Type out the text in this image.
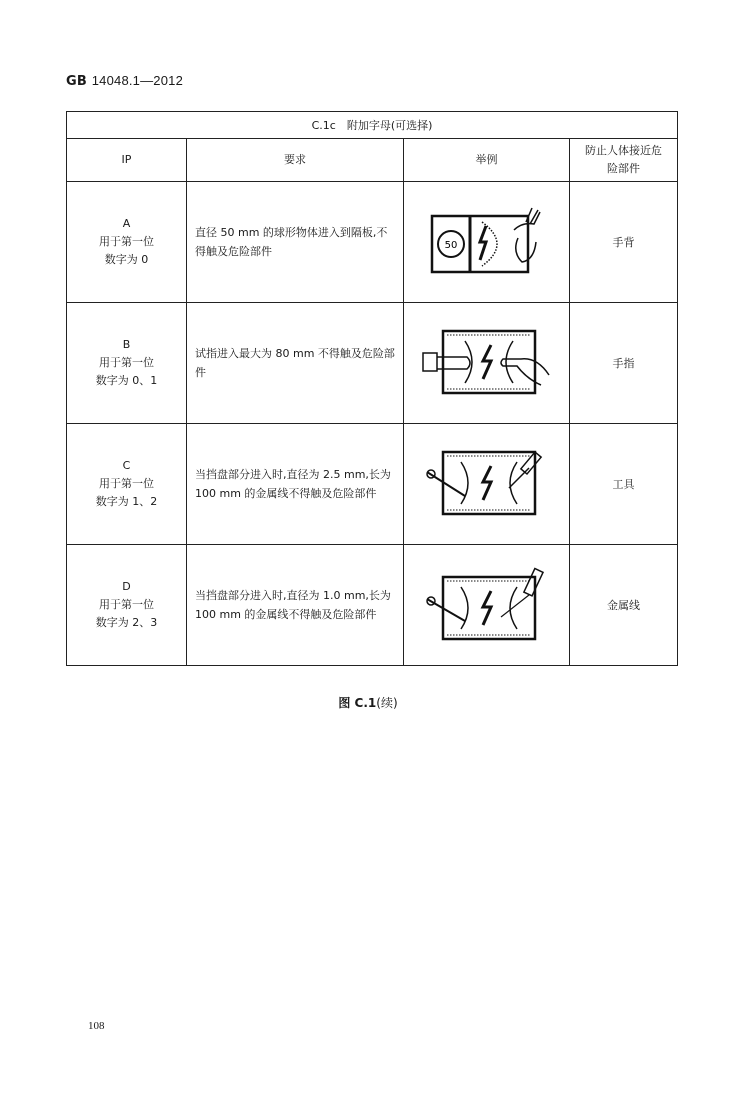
GB 14048.1—2012
C.1c　附加字母(可选择)			
IP	要求	举例	防止人体接近危险部件

A
用于第一位
数字为 0	直径 50 mm 的球形物体进入到隔板,不得触及危险部件	50	手背

B
用于第一位
数字为 0、1	试指进入最大为 80 mm 不得触及危险部件		手指

C
用于第一位
数字为 1、2	当挡盘部分进入时,直径为 2.5 mm,长为 100 mm 的金属线不得触及危险部件		工具

D
用于第一位
数字为 2、3	当挡盘部分进入时,直径为 1.0 mm,长为 100 mm 的金属线不得触及危险部件		金属线
图 C.1(续)
108
